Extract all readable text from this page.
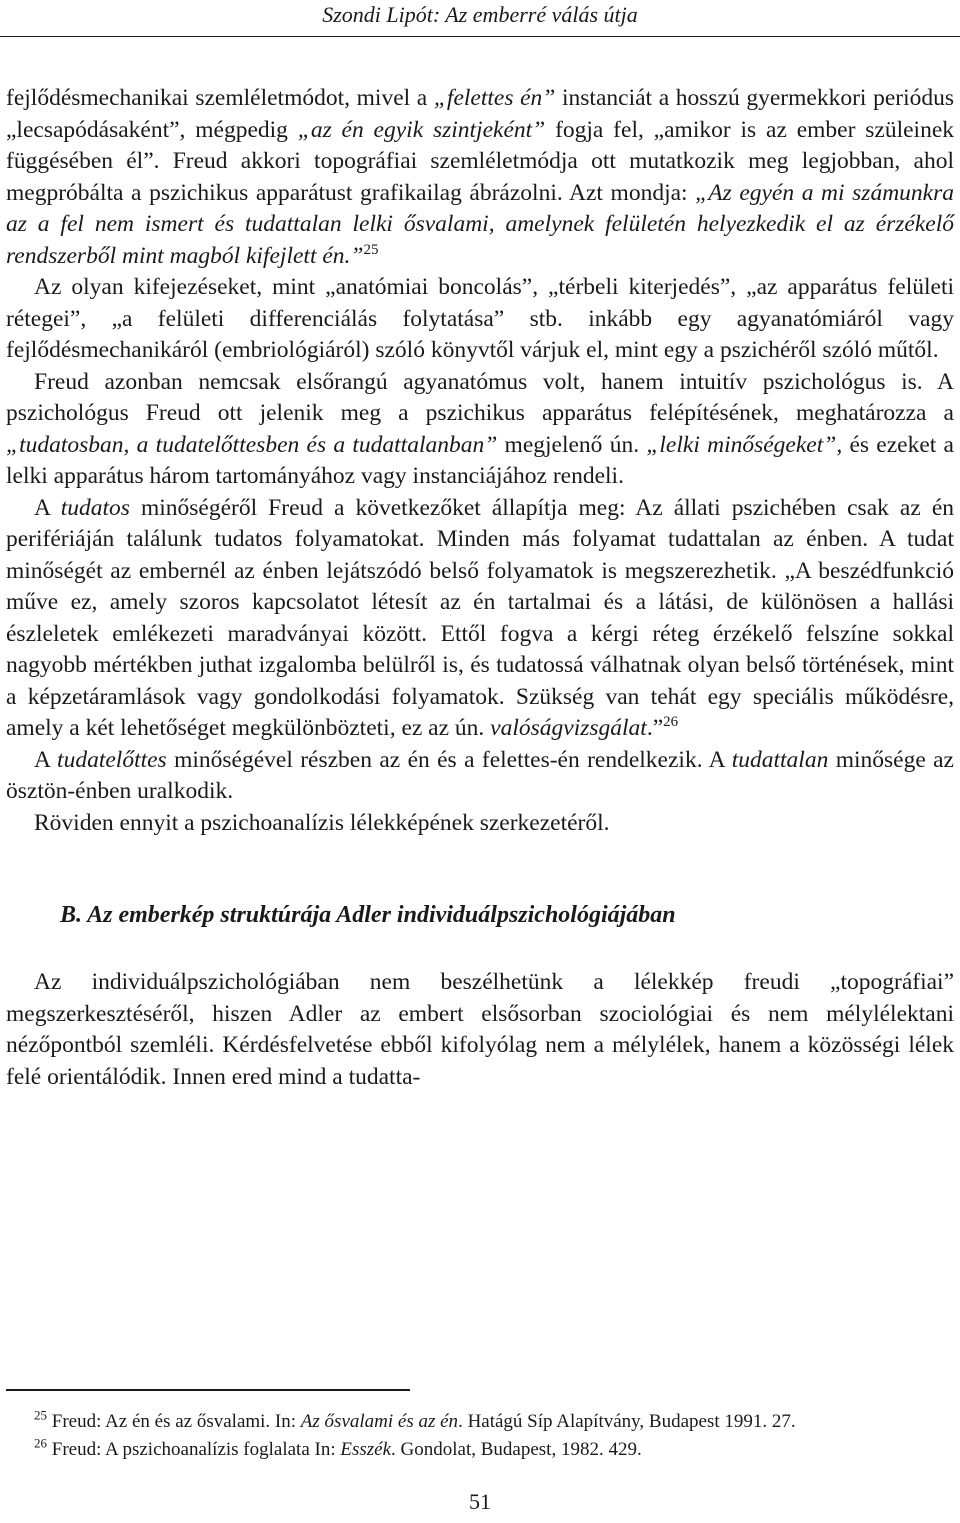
Szondi Lipót: Az emberré válás útja

fejlődésmechanikai szemléletmódot, mivel a „felettes én” instanciát a hosszú gyermekkori periódus „lecsapódásaként”, mégpedig „az én egyik szintjeként” fogja fel, „amikor is az ember szüleinek függésében él”. Freud akkori topográfiai szemléletmódja ott mutatkozik meg legjobban, ahol megpróbálta a pszichikus apparátust grafikailag ábrázolni. Azt mondja: „Az egyén a mi számunkra az a fel nem ismert és tudattalan lelki ősvalami, amelynek felületén helyezkedik el az érzékelő rendszerből mint magból kifejlett én.”$^{25}$

Az olyan kifejezéseket, mint „anatómiai boncolás”, „térbeli kiterjedés”, „az apparátus felületi rétegei”, „a felületi differenciálás folytatása” stb. inkább egy agyanatómiáról vagy fejlődésmechanikáról (embriológiáról) szóló könyvtől várjuk el, mint egy a pszichéről szóló műtől.

Freud azonban nemcsak elsőrangú agyanatómus volt, hanem intuitív pszichológus is. A pszichológus Freud ott jelenik meg a pszichikus apparátus felépítésének, meghatározza a „tudatosban, a tudatelőttesben és a tudattalanban” megjelenő ún. „lelki minőségeket”, és ezeket a lelki apparátus három tartományához vagy instanciájához rendeli.

A tudatos minőségéről Freud a következőket állapítja meg: Az állati pszichében csak az én perifériáján találunk tudatos folyamatokat. Minden más folyamat tudattalan az énben. A tudat minőségét az embernél az énben lejátszódó belső folyamatok is megszerezhetik. „A beszédfunkció műve ez, amely szoros kapcsolatot létesít az én tartalmai és a látási, de különösen a hallási észleletek emlékezeti maradványai között. Ettől fogva a kérgi réteg érzékelő felszíne sokkal nagyobb mértékben juthat izgalomba belülről is, és tudatossá válhatnak olyan belső történések, mint a képzetáramlások vagy gondolkodási folyamatok. Szükség van tehát egy speciális működésre, amely a két lehetőséget megkülönbözteti, ez az ún. valóságvizsgálat.”$^{26}$

A tudatelőttes minőségével részben az én és a felettes-én rendelkezik. A tudattalan minősége az ösztön-énben uralkodik.

Röviden ennyit a pszichoanalízis lélekképének szerkezetéről.

B. Az emberkép struktúrája Adler individuálpszichológiájában

Az individuálpszichológiában nem beszélhetünk a lélekkép freudi „topográfiai” megszerkesztéséről, hiszen Adler az embert elsősorban szociológiai és nem mélylélektani nézőpontból szemléli. Kérdésfelvetése ebből kifolyólag nem a mélylélek, hanem a közösségi lélek felé orientálódik. Innen ered mind a tudatta-

$^{25}$ Freud: Az én és az ősvalami. In: Az ősvalami és az én. Hatágú Síp Alapítvány, Budapest 1991. 27.
$^{26}$ Freud: A pszichoanalízis foglalata In: Esszék. Gondolat, Budapest, 1982. 429.
51
